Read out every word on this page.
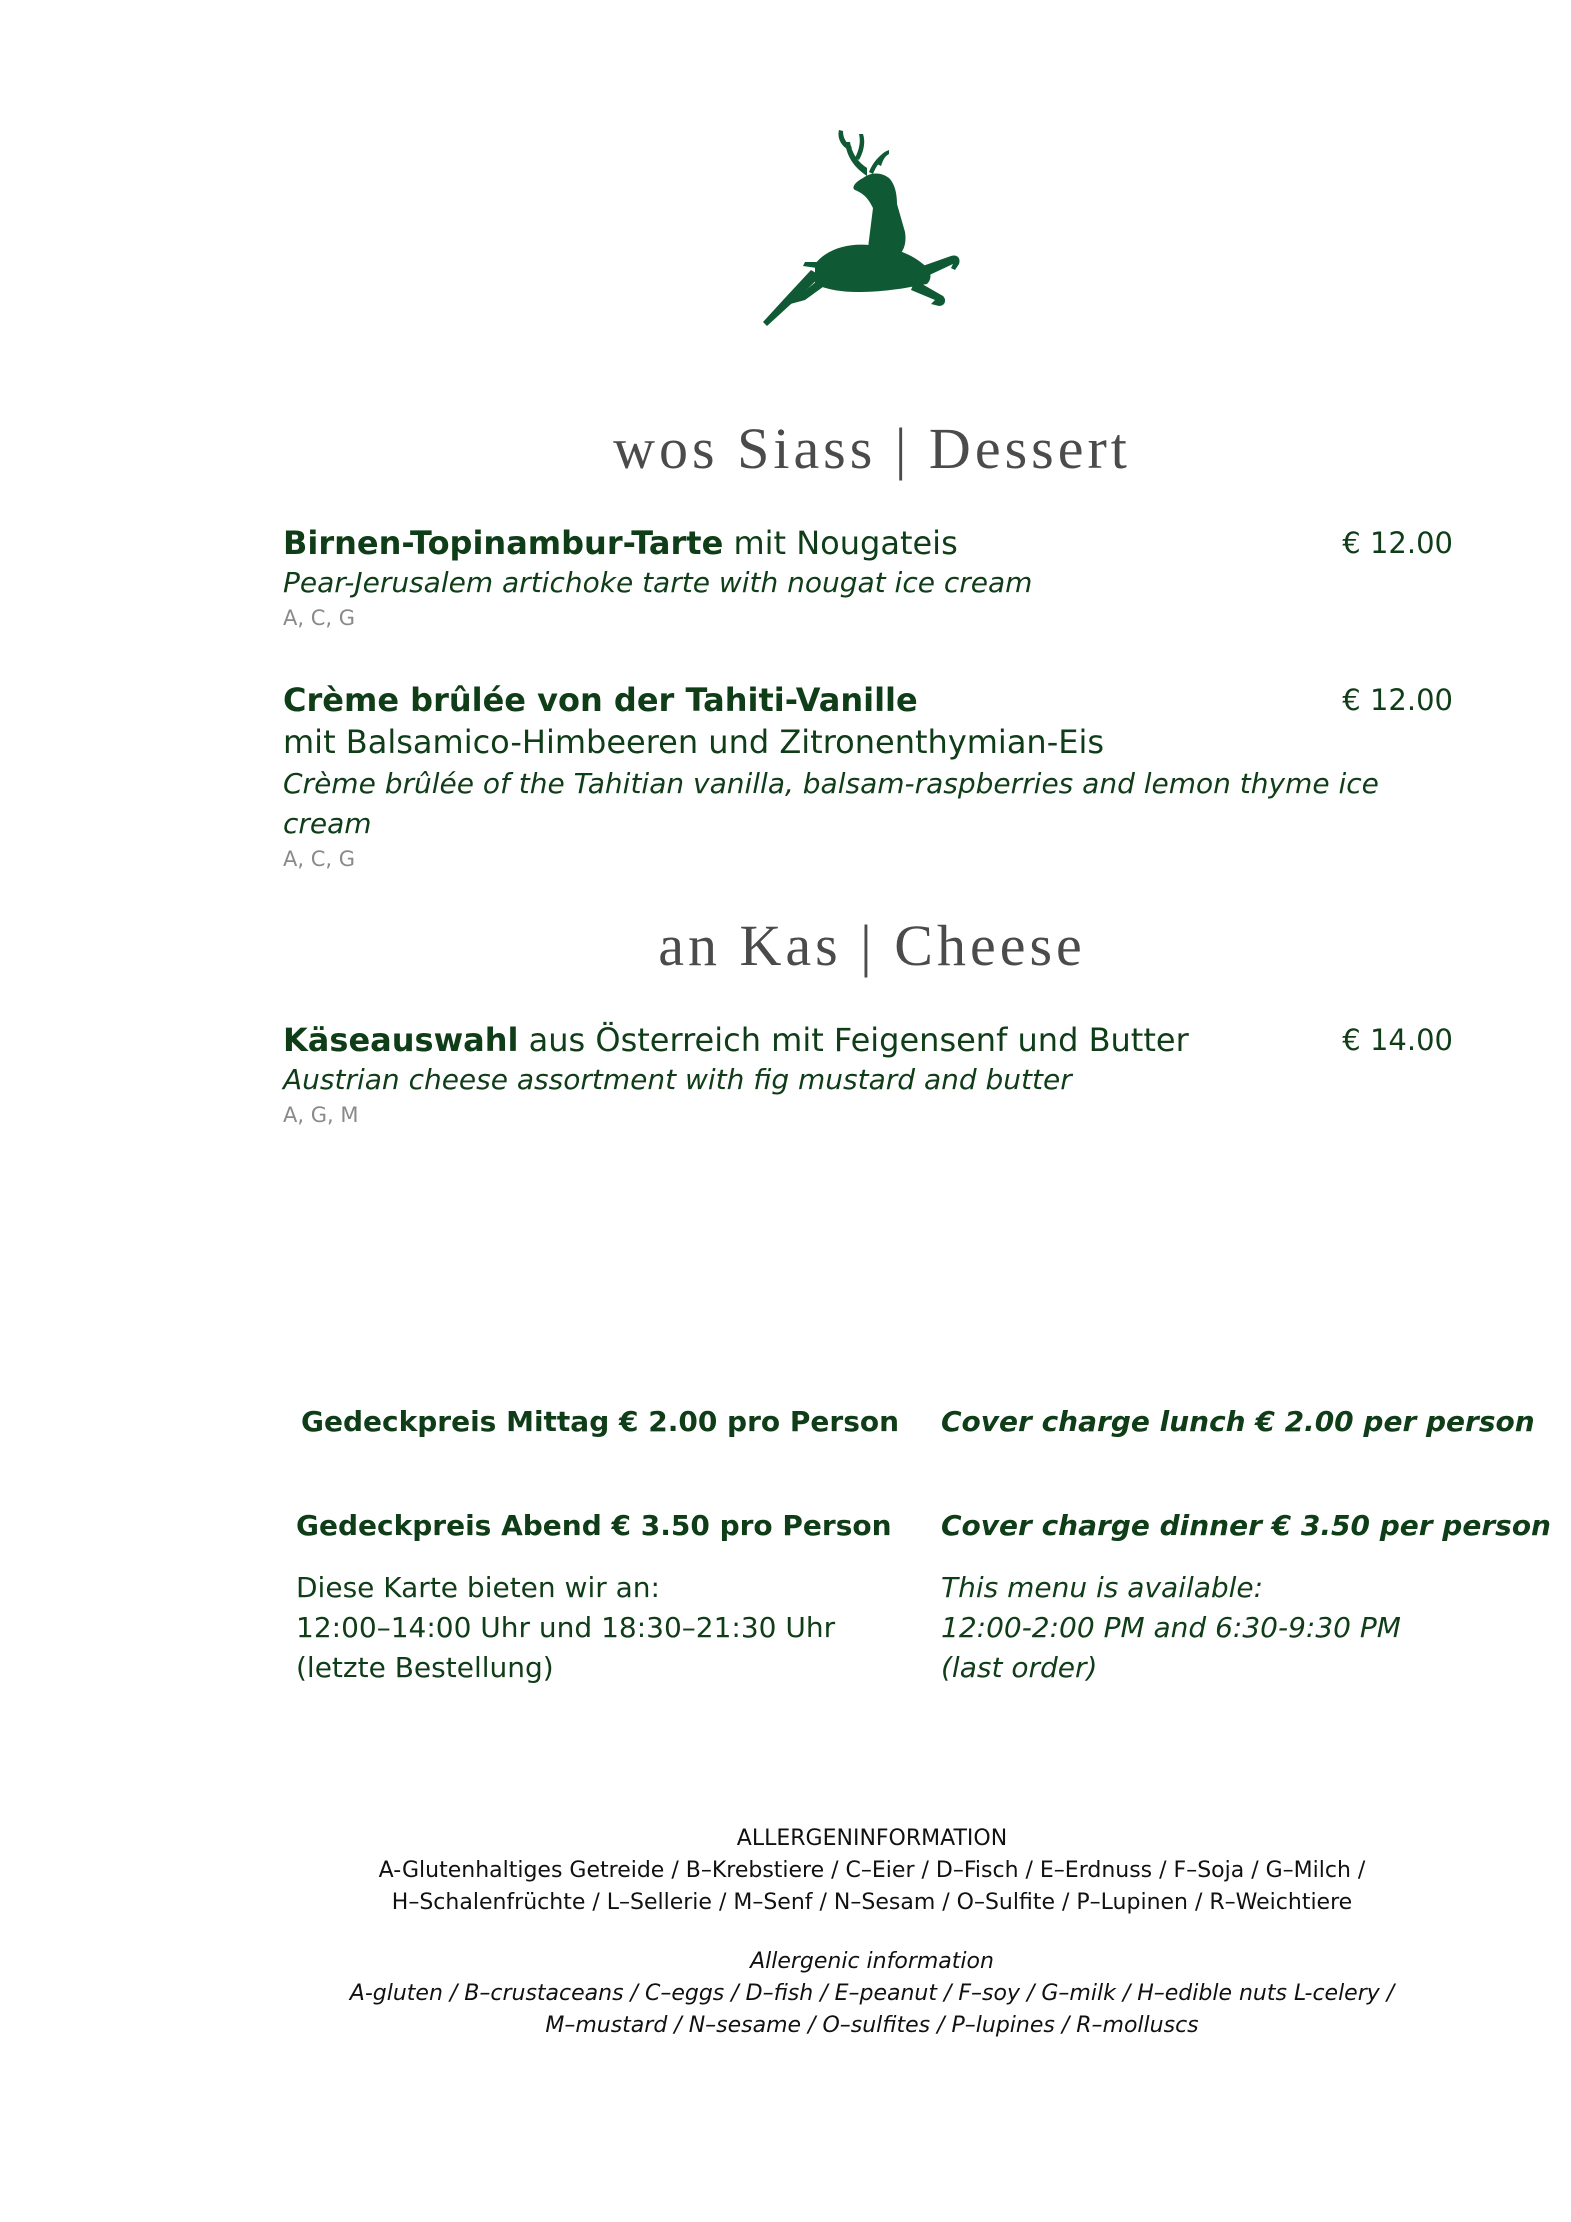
wos Siass | Dessert
Birnen-Topinambur-Tarte mit Nougateis
Pear-Jerusalem artichoke tarte with nougat ice cream
A, C, G
€ 12.00
Crème brûlée von der Tahiti-Vanille
mit Balsamico-Himbeeren und Zitronenthymian-Eis
Crème brûlée of the Tahitian vanilla, balsam-raspberries and lemon thyme ice cream
A, C, G
€ 12.00
an Kas | Cheese
Käseauswahl aus Österreich mit Feigensenf und Butter
Austrian cheese assortment with fig mustard and butter
A, G, M
€ 14.00
Gedeckpreis Mittag € 2.00 pro Person Cover charge lunch € 2.00 per person
Gedeckpreis Abend € 3.50 pro Person Cover charge dinner € 3.50 per person
Diese Karte bieten wir an:
12:00–14:00 Uhr und 18:30–21:30 Uhr
(letzte Bestellung)
This menu is available:
12:00-2:00 PM and 6:30-9:30 PM
(last order)
ALLERGENINFORMATION
A-Glutenhaltiges Getreide / B–Krebstiere / C–Eier / D–Fisch / E–Erdnuss / F–Soja / G–Milch /
H–Schalenfrüchte / L–Sellerie / M–Senf / N–Sesam / O–Sulfite / P–Lupinen / R–Weichtiere
Allergenic information
A-gluten / B–crustaceans / C–eggs / D–fish / E–peanut / F–soy / G–milk / H–edible nuts L-celery /
M–mustard / N–sesame / O–sulfites / P–lupines / R–molluscs
